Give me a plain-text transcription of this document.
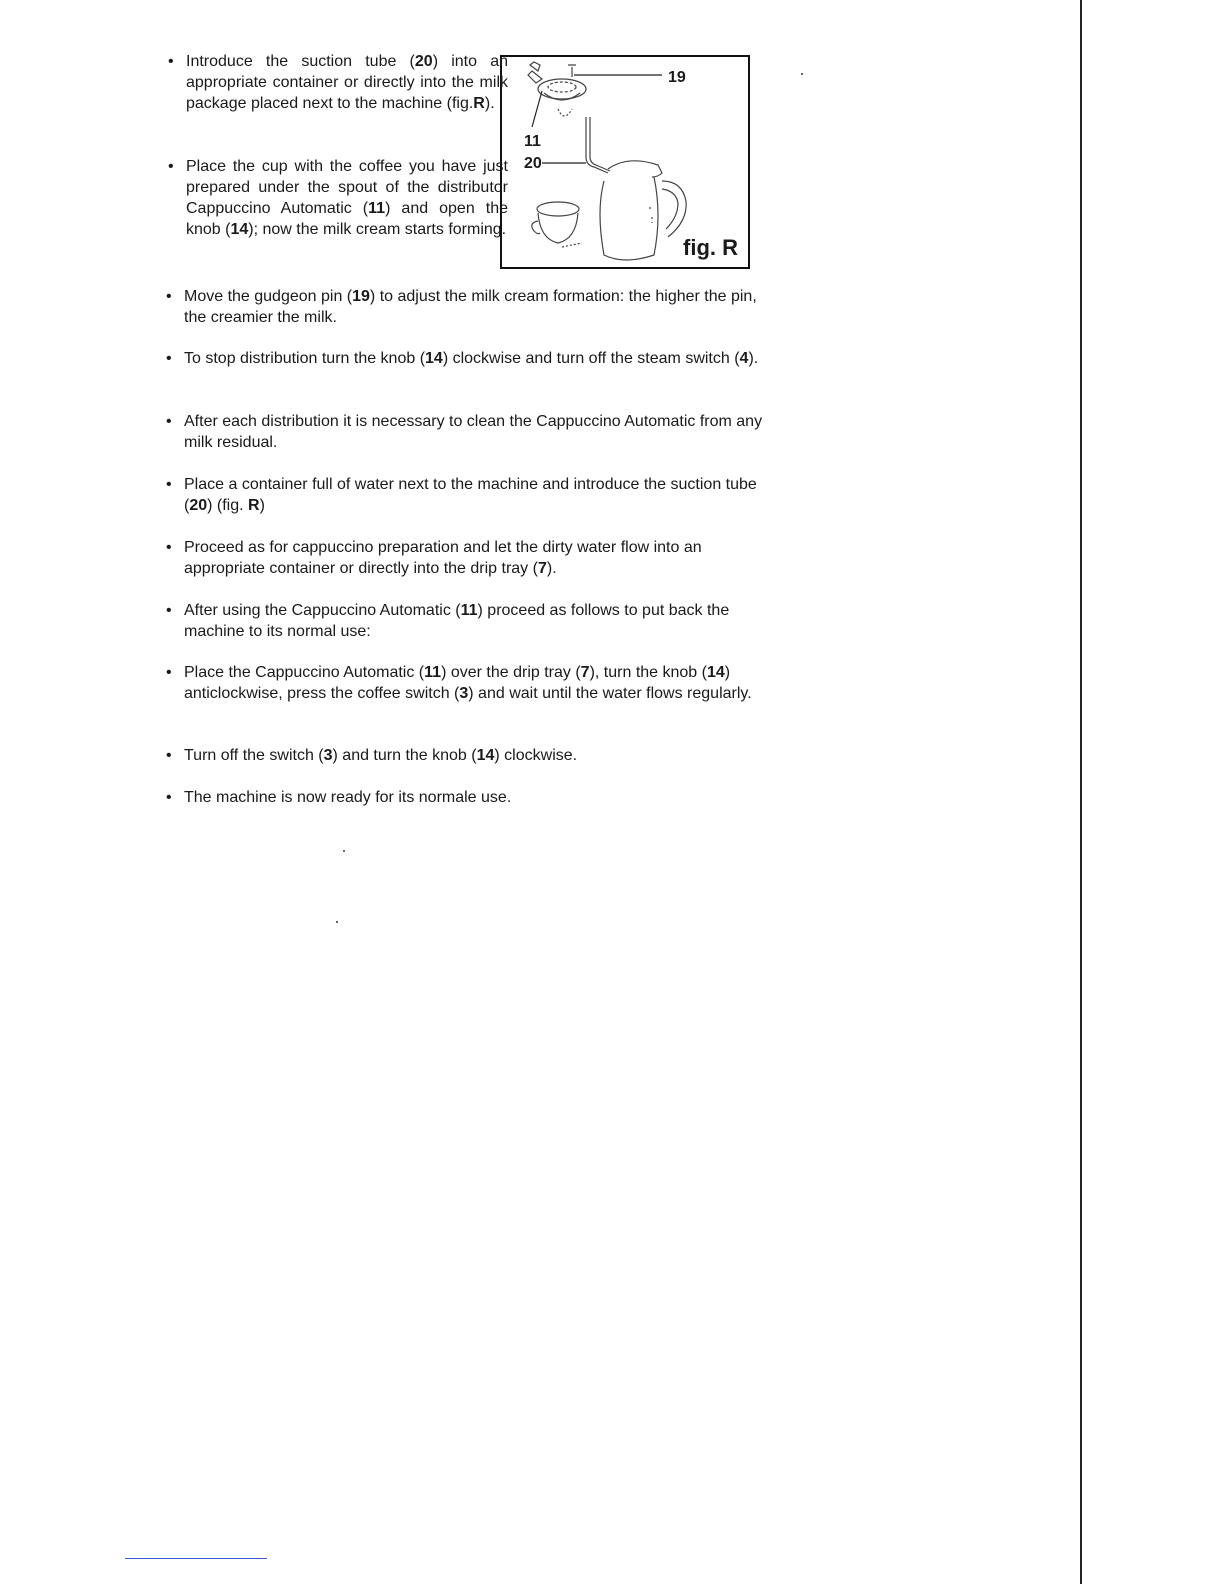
19
11
20
fig. R

• Introduce the suction tube (20) into an appropriate container or directly into the milk package placed next to the machine (fig.R).

• Place the cup with the coffee you have just prepared under the spout of the distributor Cappuccino Automatic (11) and open the knob (14); now the milk cream starts forming.

• Move the gudgeon pin (19) to adjust the milk cream formation: the higher the pin, the creamier the milk.

• To stop distribution turn the knob (14) clockwise and turn off the steam switch (4).

• After each distribution it is necessary to clean the Cappuccino Automatic from any milk residual.

• Place a container full of water next to the machine and introduce the suction tube (20) (fig. R)

• Proceed as for cappuccino preparation and let the dirty water flow into an appropriate container or directly into the drip tray (7).

• After using the Cappuccino Automatic (11) proceed as follows to put back the machine to its normal use:

• Place the Cappuccino Automatic (11) over the drip tray (7), turn the knob (14) anticlockwise, press the coffee switch (3) and wait until the water flows regularly.

• Turn off the switch (3) and turn the knob (14) clockwise.

• The machine is now ready for its normale use.
